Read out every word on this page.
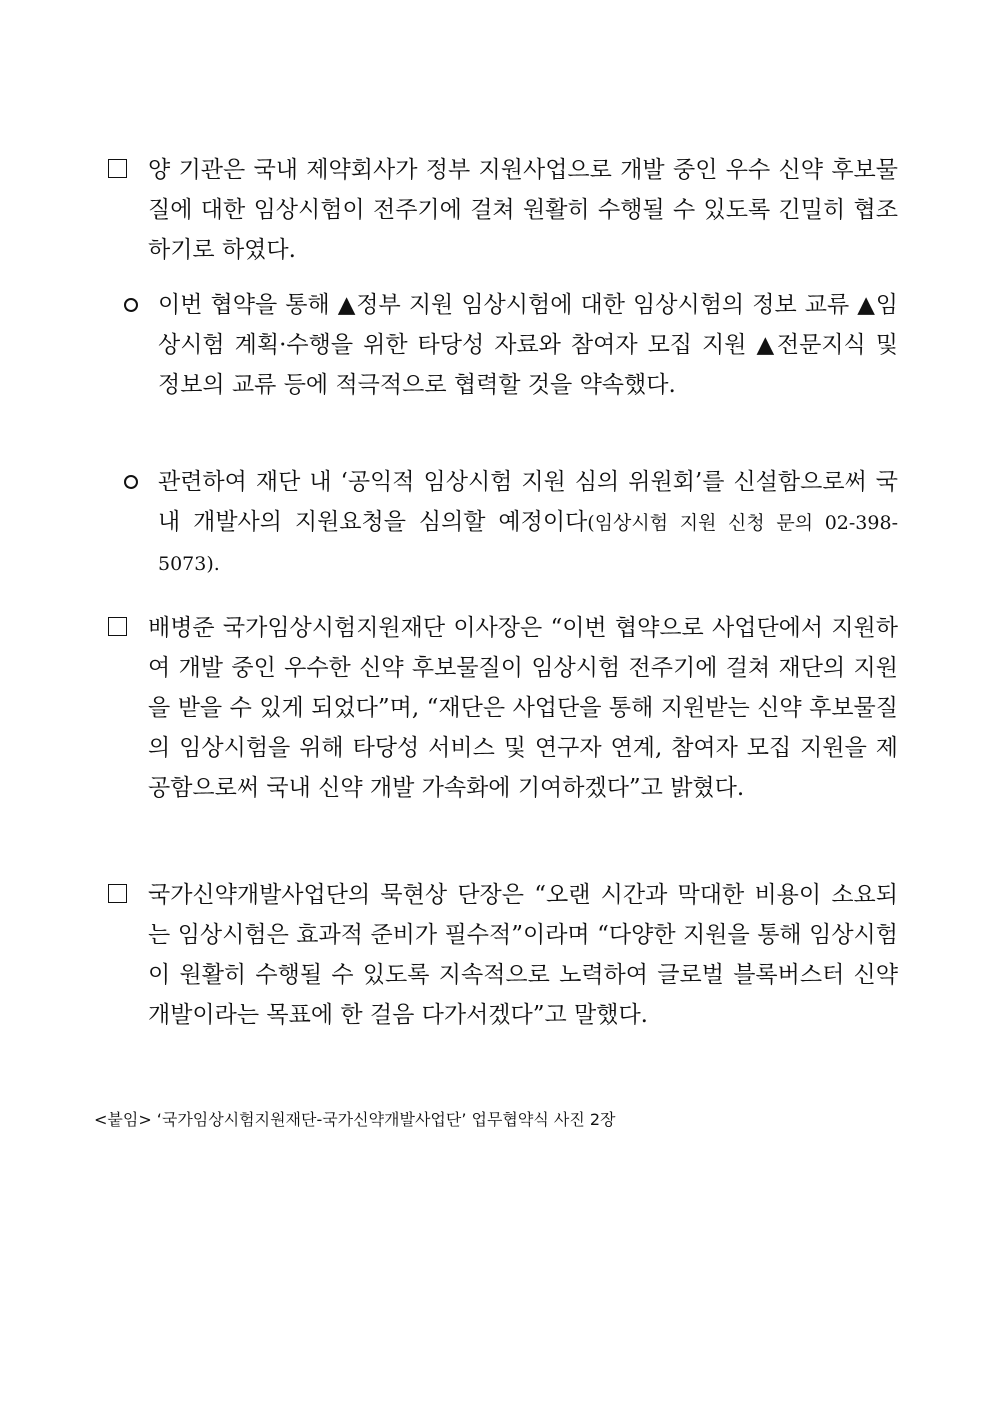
양 기관은 국내 제약회사가 정부 지원사업으로 개발 중인 우수 신약 후보물질에 대한 임상시험이 전주기에 걸쳐 원활히 수행될 수 있도록 긴밀히 협조하기로 하였다.
이번 협약을 통해 ▲정부 지원 임상시험에 대한 임상시험의 정보 교류 ▲임상시험 계획·수행을 위한 타당성 자료와 참여자 모집 지원 ▲전문지식 및 정보의 교류 등에 적극적으로 협력할 것을 약속했다.
관련하여 재단 내 ‘공익적 임상시험 지원 심의 위원회’를 신설함으로써 국내 개발사의 지원요청을 심의할 예정이다(임상시험 지원 신청 문의 02-398-5073).
배병준 국가임상시험지원재단 이사장은 “이번 협약으로 사업단에서 지원하여 개발 중인 우수한 신약 후보물질이 임상시험 전주기에 걸쳐 재단의 지원을 받을 수 있게 되었다”며, “재단은 사업단을 통해 지원받는 신약 후보물질의 임상시험을 위해 타당성 서비스 및 연구자 연계, 참여자 모집 지원을 제공함으로써 국내 신약 개발 가속화에 기여하겠다”고 밝혔다.
국가신약개발사업단의 묵현상 단장은 “오랜 시간과 막대한 비용이 소요되는 임상시험은 효과적 준비가 필수적”이라며 “다양한 지원을 통해 임상시험이 원활히 수행될 수 있도록 지속적으로 노력하여 글로벌 블록버스터 신약개발이라는 목표에 한 걸음 다가서겠다”고 말했다.
<붙임> ‘국가임상시험지원재단-국가신약개발사업단’ 업무협약식 사진 2장
